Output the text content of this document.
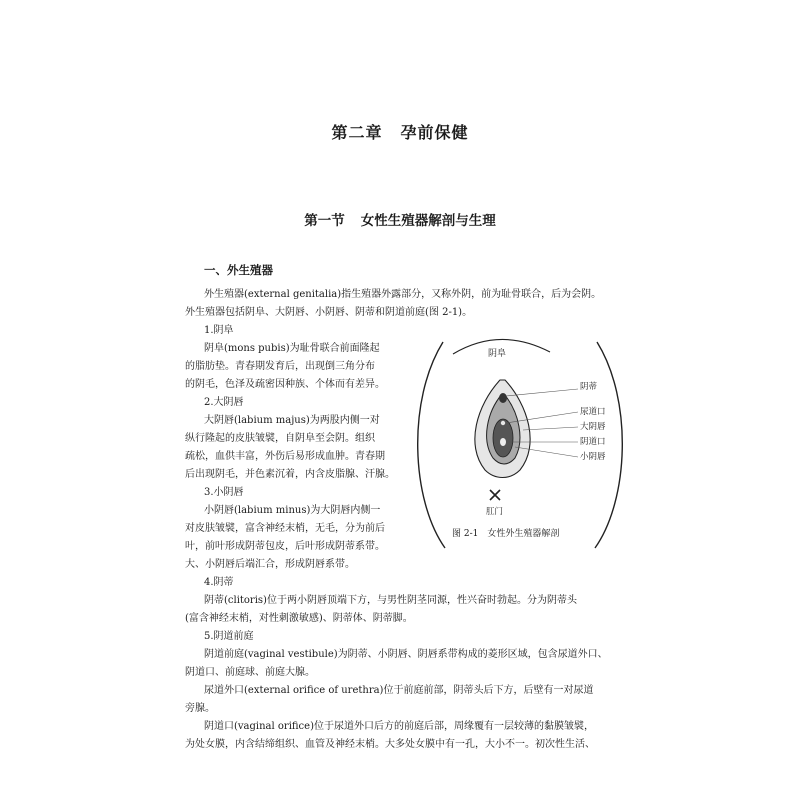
第二章 孕前保健
第一节 女性生殖器解剖与生理
一、外生殖器

外生殖器(external genitalia)指生殖器外露部分，又称外阴，前为耻骨联合，后为会阴。

外生殖器包括阴阜、大阴唇、小阴唇、阴蒂和阴道前庭(图 2-1)。

1.阴阜

阴阜(mons pubis)为耻骨联合前面隆起

的脂肪垫。青春期发育后，出现倒三角分布

的阴毛，色泽及疏密因种族、个体而有差异。

2.大阴唇

大阴唇(labium majus)为两股内侧一对

纵行隆起的皮肤皱襞，自阴阜至会阴。组织

疏松，血供丰富，外伤后易形成血肿。青春期

后出现阴毛，并色素沉着，内含皮脂腺、汗腺。

3.小阴唇

小阴唇(labium minus)为大阴唇内侧一

对皮肤皱襞，富含神经末梢，无毛，分为前后

叶，前叶形成阴蒂包皮，后叶形成阴蒂系带。

大、小阴唇后端汇合，形成阴唇系带。

4.阴蒂

阴蒂(clitoris)位于两小阴唇顶端下方，与男性阴茎同源，性兴奋时勃起。分为阴蒂头

(富含神经末梢，对性刺激敏感)、阴蒂体、阴蒂脚。

5.阴道前庭

阴道前庭(vaginal vestibule)为阴蒂、小阴唇、阴唇系带构成的菱形区域，包含尿道外口、

阴道口、前庭球、前庭大腺。

尿道外口(external orifice of urethra)位于前庭前部，阴蒂头后下方，后壁有一对尿道

旁腺。

阴道口(vaginal orifice)位于尿道外口后方的前庭后部，周缘覆有一层较薄的黏膜皱襞，

为处女膜，内含结缔组织、血管及神经末梢。大多处女膜中有一孔，大小不一。初次性生活、

阴阜
阴蒂
尿道口
大阴唇
阴道口
小阴唇
肛门

图 2-1　女性外生殖器解剖
